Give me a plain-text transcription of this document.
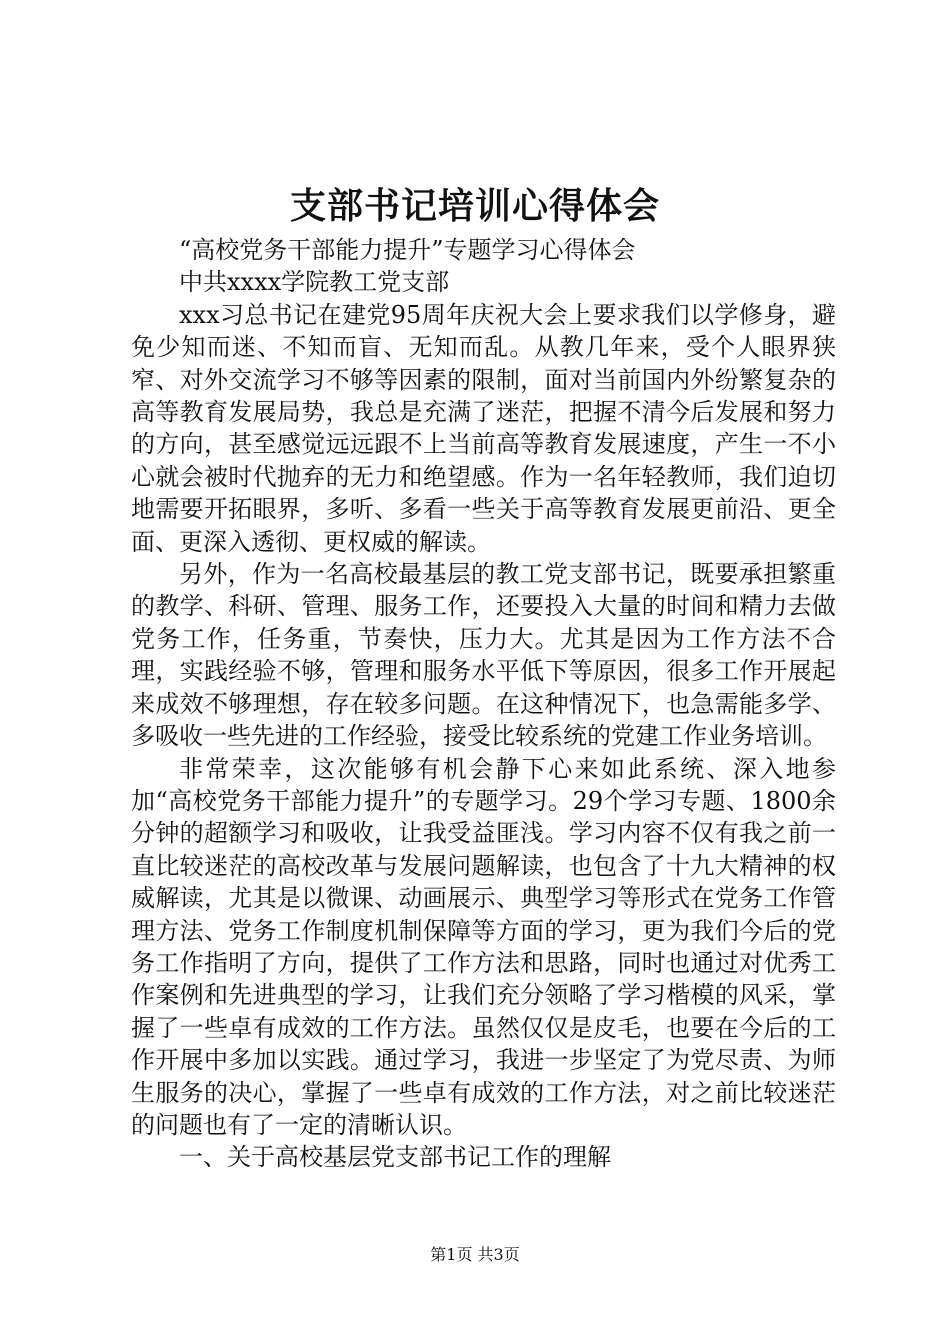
支部书记培训心得体会

“高校党务干部能力提升”专题学习心得体会

中共xxxx学院教工党支部

xxx习总书记在建党95周年庆祝大会上要求我们以学修身，避免少知而迷、不知而盲、无知而乱。从教几年来，受个人眼界狭窄、对外交流学习不够等因素的限制，面对当前国内外纷繁复杂的高等教育发展局势，我总是充满了迷茫，把握不清今后发展和努力的方向，甚至感觉远远跟不上当前高等教育发展速度，产生一不小心就会被时代抛弃的无力和绝望感。作为一名年轻教师，我们迫切地需要开拓眼界，多听、多看一些关于高等教育发展更前沿、更全面、更深入透彻、更权威的解读。

另外，作为一名高校最基层的教工党支部书记，既要承担繁重的教学、科研、管理、服务工作，还要投入大量的时间和精力去做党务工作，任务重，节奏快，压力大。尤其是因为工作方法不合理，实践经验不够，管理和服务水平低下等原因，很多工作开展起来成效不够理想，存在较多问题。在这种情况下，也急需能多学、多吸收一些先进的工作经验，接受比较系统的党建工作业务培训。

非常荣幸，这次能够有机会静下心来如此系统、深入地参加“高校党务干部能力提升”的专题学习。29个学习专题、1800余分钟的超额学习和吸收，让我受益匪浅。学习内容不仅有我之前一直比较迷茫的高校改革与发展问题解读，也包含了十九大精神的权威解读，尤其是以微课、动画展示、典型学习等形式在党务工作管理方法、党务工作制度机制保障等方面的学习，更为我们今后的党务工作指明了方向，提供了工作方法和思路，同时也通过对优秀工作案例和先进典型的学习，让我们充分领略了学习楷模的风采，掌握了一些卓有成效的工作方法。虽然仅仅是皮毛，也要在今后的工作开展中多加以实践。通过学习，我进一步坚定了为党尽责、为师生服务的决心，掌握了一些卓有成效的工作方法，对之前比较迷茫的问题也有了一定的清晰认识。

一、关于高校基层党支部书记工作的理解

第1页 共3页
